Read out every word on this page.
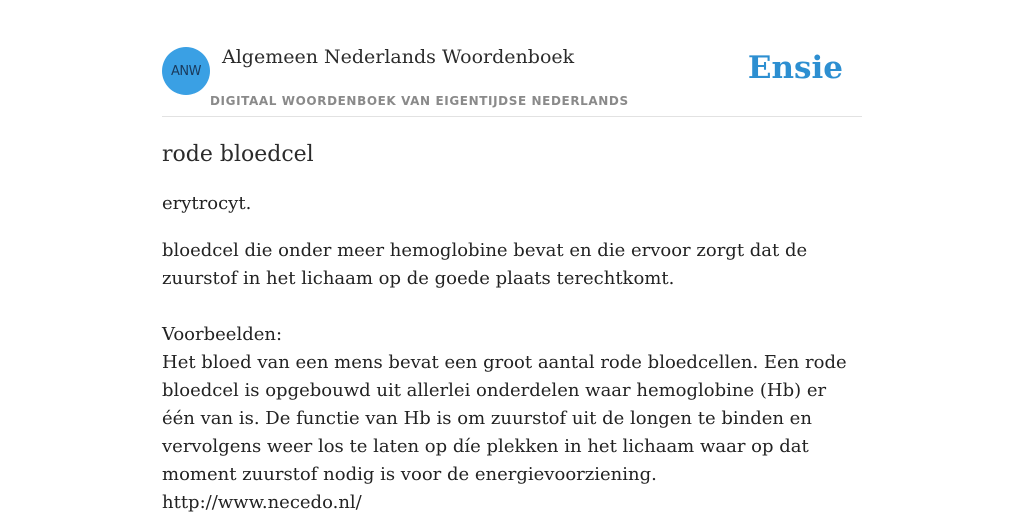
ANW
Algemeen Nederlands Woordenboek
DIGITAAL WOORDENBOEK VAN EIGENTIJDSE NEDERLANDS
Ensie
rode bloedcel

erytrocyt.

bloedcel die onder meer hemoglobine bevat en die ervoor zorgt dat de zuurstof in het lichaam op de goede plaats terechtkomt.

Voorbeelden:

Het bloed van een mens bevat een groot aantal rode bloedcellen. Een rode bloedcel is opgebouwd uit allerlei onderdelen waar hemoglobine (Hb) er één van is. De functie van Hb is om zuurstof uit de longen te binden en vervolgens weer los te laten op díe plekken in het lichaam waar op dat moment zuurstof nodig is voor de energievoorziening.

http://www.necedo.nl/
